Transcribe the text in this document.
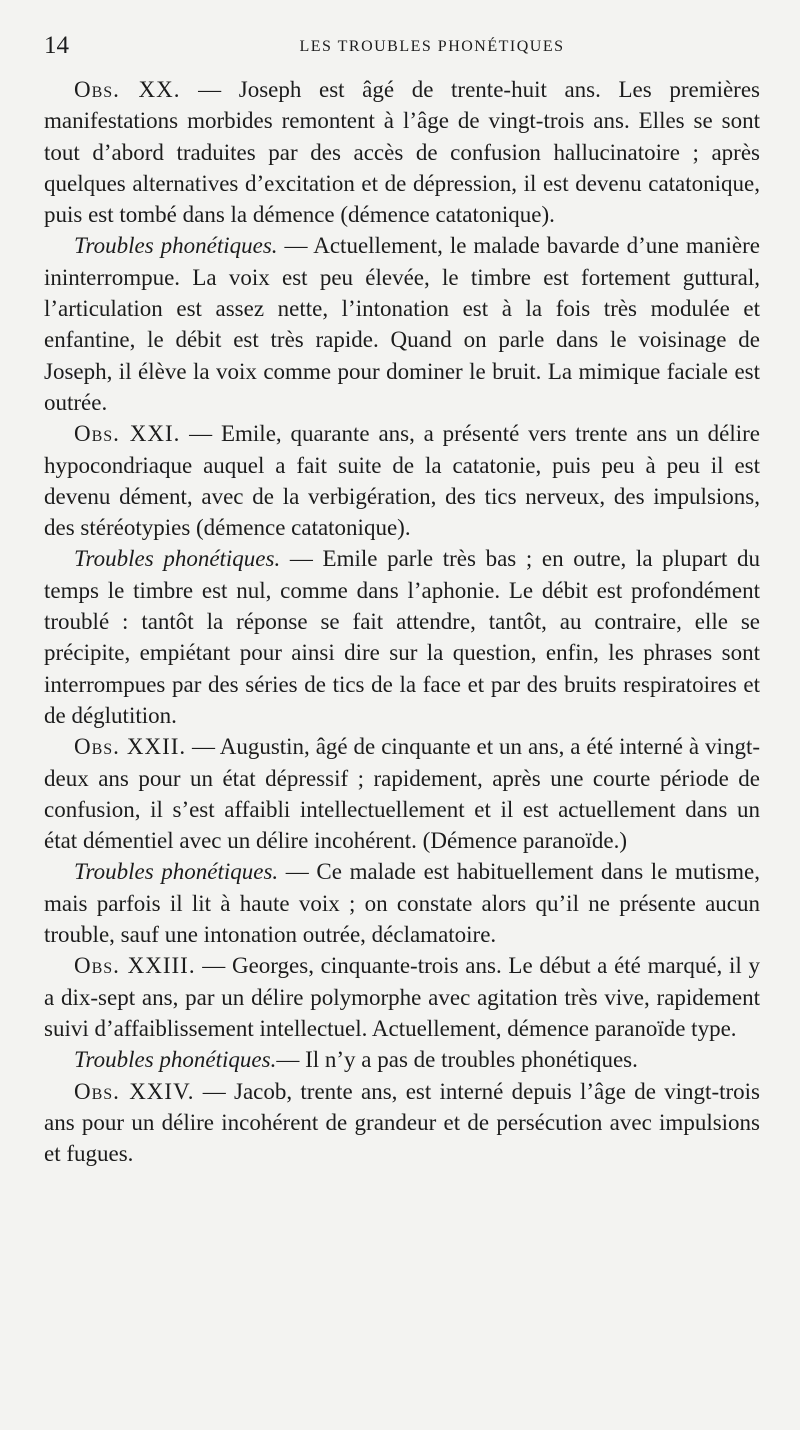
14	LES TROUBLES PHONÉTIQUES

Obs. XX. — Joseph est âgé de trente-huit ans. Les premières manifestations morbides remontent à l’âge de vingt-trois ans. Elles se sont tout d’abord traduites par des accès de confusion hallucinatoire ; après quelques alternatives d’excitation et de dépression, il est devenu catatonique, puis est tombé dans la démence (démence catatonique).

Troubles phonétiques. — Actuellement, le malade bavarde d’une manière ininterrompue. La voix est peu élevée, le timbre est fortement guttural, l’articulation est assez nette, l’intonation est à la fois très modulée et enfantine, le débit est très rapide. Quand on parle dans le voisinage de Joseph, il élève la voix comme pour dominer le bruit. La mimique faciale est outrée.

Obs. XXI. — Emile, quarante ans, a présenté vers trente ans un délire hypocondriaque auquel a fait suite de la catatonie, puis peu à peu il est devenu dément, avec de la verbigération, des tics nerveux, des impulsions, des stéréotypies (démence catatonique).

Troubles phonétiques. — Emile parle très bas ; en outre, la plupart du temps le timbre est nul, comme dans l’aphonie. Le débit est profondément troublé : tantôt la réponse se fait attendre, tantôt, au contraire, elle se précipite, empiétant pour ainsi dire sur la question, enfin, les phrases sont interrompues par des séries de tics de la face et par des bruits respiratoires et de déglutition.

Obs. XXII. — Augustin, âgé de cinquante et un ans, a été interné à vingt-deux ans pour un état dépressif ; rapidement, après une courte période de confusion, il s’est affaibli intellectuellement et il est actuellement dans un état démentiel avec un délire incohérent. (Démence paranoïde.)

Troubles phonétiques. — Ce malade est habituellement dans le mutisme, mais parfois il lit à haute voix ; on constate alors qu’il ne présente aucun trouble, sauf une intonation outrée, déclamatoire.

Obs. XXIII. — Georges, cinquante-trois ans. Le début a été marqué, il y a dix-sept ans, par un délire polymorphe avec agitation très vive, rapidement suivi d’affaiblissement intellectuel. Actuellement, démence paranoïde type.

Troubles phonétiques.— Il n’y a pas de troubles phonétiques.

Obs. XXIV. — Jacob, trente ans, est interné depuis l’âge de vingt-trois ans pour un délire incohérent de grandeur et de persécution avec impulsions et fugues.
